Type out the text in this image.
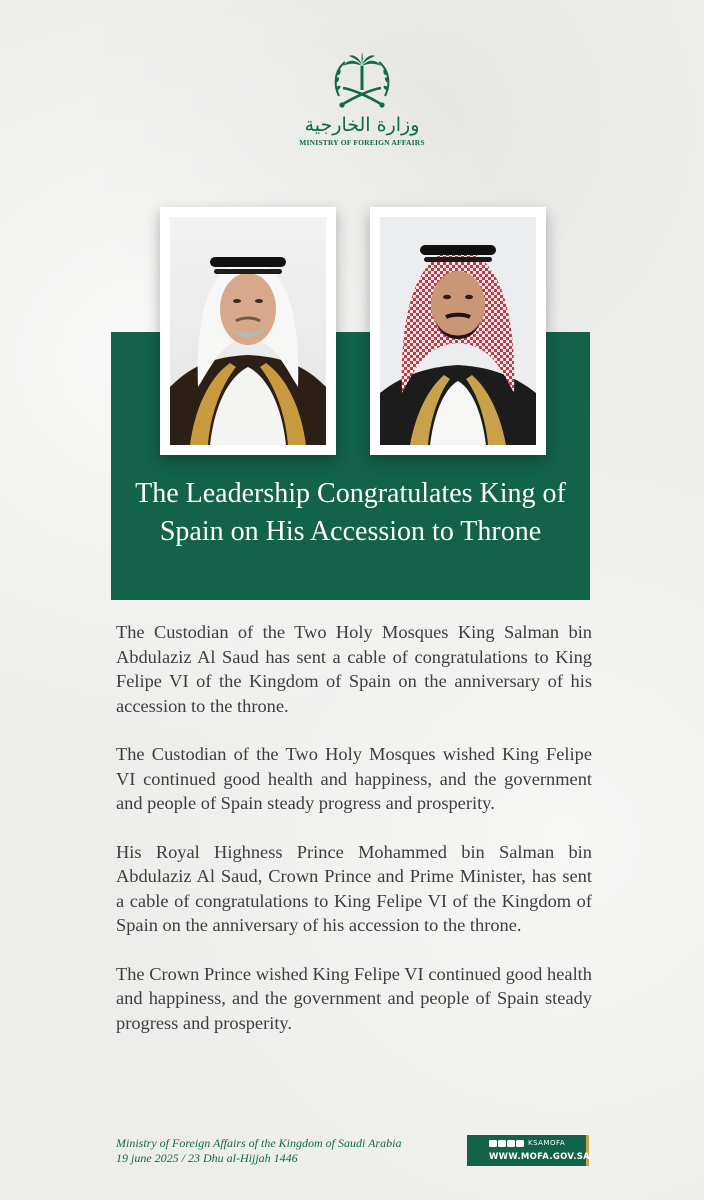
وزارة الخارجية
MINISTRY OF FOREIGN AFFAIRS
The Leadership Congratulates King of Spain on His Accession to Throne

The Custodian of the Two Holy Mosques King Salman bin Abdulaziz Al Saud has sent a cable of congratulations to King Felipe VI of the Kingdom of Spain on the anniversary of his accession to the throne.

The Custodian of the Two Holy Mosques wished King Felipe VI continued good health and happiness, and the government and people of Spain steady progress and prosperity.

His Royal Highness Prince Mohammed bin Salman bin Abdulaziz Al Saud, Crown Prince and Prime Minister, has sent a cable of congratulations to King Felipe VI of the Kingdom of Spain on the anniversary of his accession to the throne.

The Crown Prince wished King Felipe VI continued good health and happiness, and the government and people of Spain steady progress and prosperity.

Ministry of Foreign Affairs of the Kingdom of Saudi Arabia
19 june 2025 / 23 Dhu al-Hijjah 1446
KSAMOFA
WWW.MOFA.GOV.SA
